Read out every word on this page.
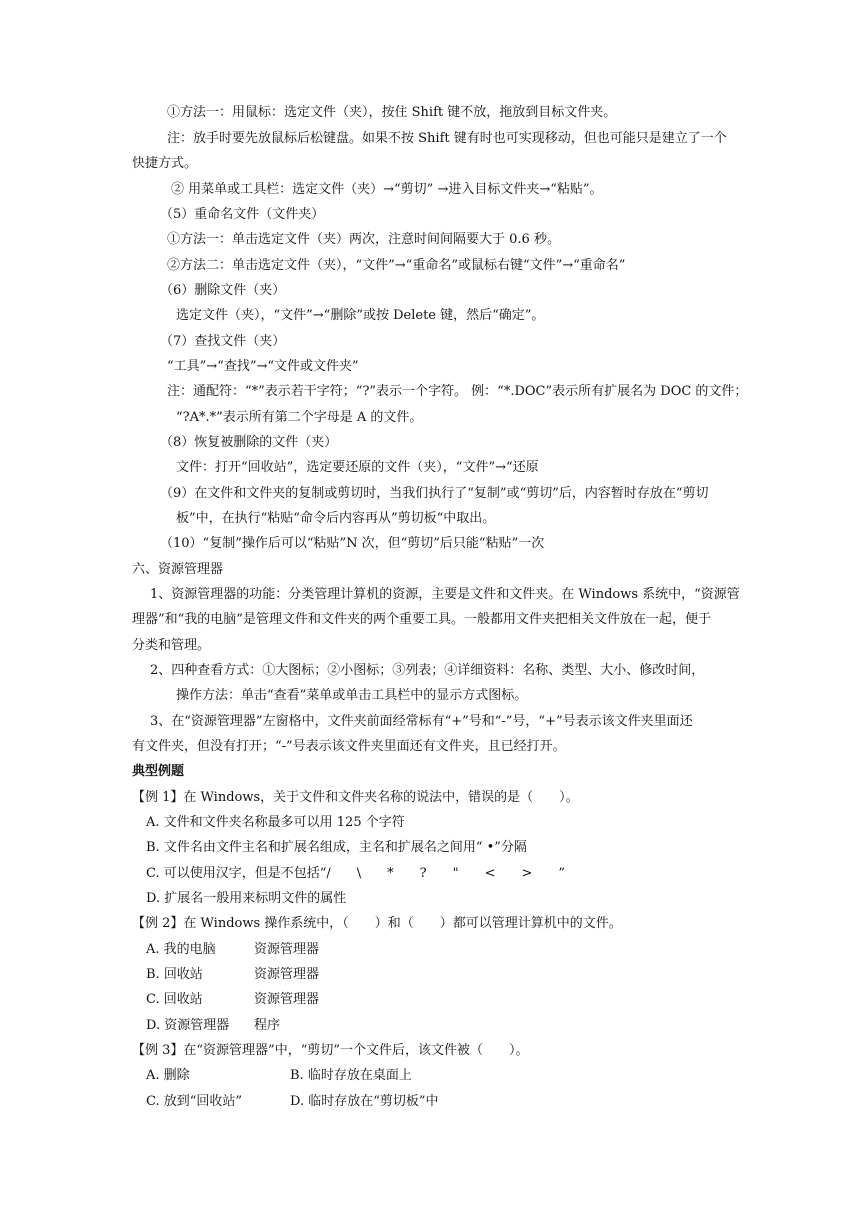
①方法一：用鼠标：选定文件（夹），按住 Shift 键不放，拖放到目标文件夹。
注：放手时要先放鼠标后松键盘。如果不按 Shift 键有时也可实现移动，但也可能只是建立了一个
快捷方式。
② 用菜单或工具栏：选定文件（夹）→“剪切” →进入目标文件夹→“粘贴”。
（5）重命名文件（文件夹）
①方法一：单击选定文件（夹）两次，注意时间间隔要大于 0.6 秒。
②方法二：单击选定文件（夹），“文件”→“重命名”或鼠标右键“文件”→“重命名”
（6）删除文件（夹）
选定文件（夹），“文件”→“删除”或按 Delete 键，然后“确定”。
（7）查找文件（夹）
“工具”→“查找”→“文件或文件夹”
注：通配符：“*”表示若干字符；“?”表示一个字符。 例：“*.DOC”表示所有扩展名为 DOC 的文件；
“?A*.*”表示所有第二个字母是 A 的文件。
（8）恢复被删除的文件（夹）
文件：打开“回收站”，选定要还原的文件（夹），“文件”→“还原
（9）在文件和文件夹的复制或剪切时，当我们执行了“复制”或“剪切”后，内容暂时存放在“剪切
板”中，在执行“粘贴“命令后内容再从”剪切板“中取出。
（10）“复制”操作后可以“粘贴”N 次，但“剪切”后只能“粘贴”一次
六、资源管理器
1、资源管理器的功能：分类管理计算机的资源，主要是文件和文件夹。在 Windows 系统中，“资源管
理器”和“我的电脑”是管理文件和文件夹的两个重要工具。一般都用文件夹把相关文件放在一起，便于
分类和管理。
2、四种查看方式：①大图标；②小图标；③列表；④详细资料：名称、类型、大小、修改时间，
操作方法：单击“查看”菜单或单击工具栏中的显示方式图标。
3、在“资源管理器”左窗格中，文件夹前面经常标有“+”号和“-”号，“+”号表示该文件夹里面还
有文件夹，但没有打开；“-”号表示该文件夹里面还有文件夹，且已经打开。
典型例题
【例 1】在 Windows，关于文件和文件夹名称的说法中，错误的是（　　）。
A. 文件和文件夹名称最多可以用 125 个字符
B. 文件名由文件主名和扩展名组成，主名和扩展名之间用“ •”分隔
C. 可以使用汉字，但是不包括“/　　\　　*　　?　　"　　<　　>　　”
D. 扩展名一般用来标明文件的属性
【例 2】在 Windows 操作系统中，（　　）和（　　）都可以管理计算机中的文件。
A. 我的电脑	资源管理器
B. 回收站	资源管理器
C. 回收站	资源管理器
D. 资源管理器 程序
【例 3】在“资源管理器”中，“剪切”一个文件后，该文件被（　　）。
A. 删除	B. 临时存放在桌面上
C. 放到“回收站”	D. 临时存放在“剪切板”中
